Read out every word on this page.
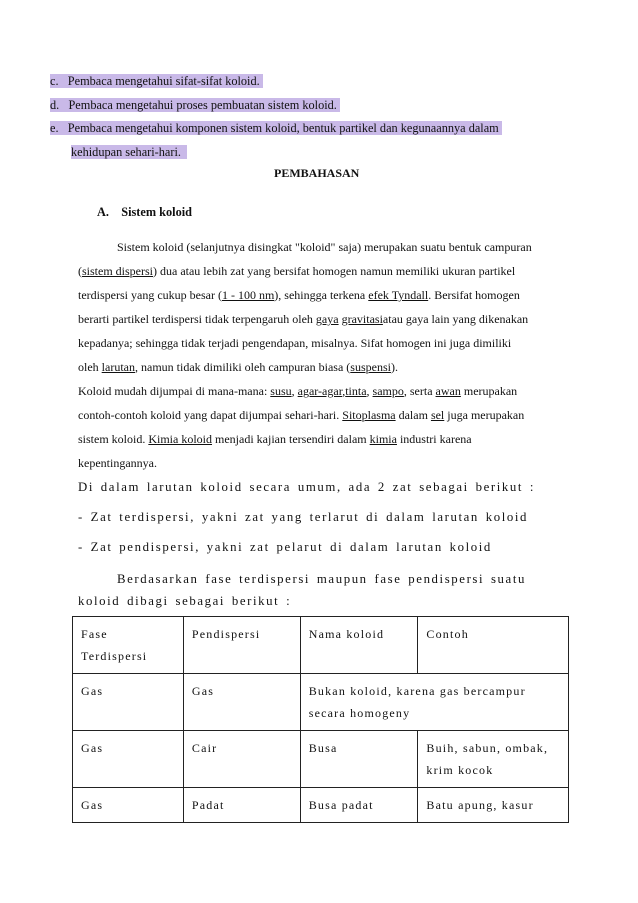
c. Pembaca mengetahui sifat-sifat koloid.
d. Pembaca mengetahui proses pembuatan sistem koloid.
e. Pembaca mengetahui komponen sistem koloid, bentuk partikel dan kegunaannya dalam
kehidupan sehari-hari.
PEMBAHASAN
A. Sistem koloid
Sistem koloid (selanjutnya disingkat "koloid" saja) merupakan suatu bentuk campuran
(sistem dispersi) dua atau lebih zat yang bersifat homogen namun memiliki ukuran partikel
terdispersi yang cukup besar (1 - 100 nm), sehingga terkena efek Tyndall. Bersifat homogen
berarti partikel terdispersi tidak terpengaruh oleh gaya gravitasiatau gaya lain yang dikenakan
kepadanya; sehingga tidak terjadi pengendapan, misalnya. Sifat homogen ini juga dimiliki
oleh larutan, namun tidak dimiliki oleh campuran biasa (suspensi).
Koloid mudah dijumpai di mana-mana: susu, agar-agar,tinta, sampo, serta awan merupakan
contoh-contoh koloid yang dapat dijumpai sehari-hari. Sitoplasma dalam sel juga merupakan
sistem koloid. Kimia koloid menjadi kajian tersendiri dalam kimia industri karena
kepentingannya.
Di dalam larutan koloid secara umum, ada 2 zat sebagai berikut :
- Zat terdispersi, yakni zat yang terlarut di dalam larutan koloid
- Zat pendispersi, yakni zat pelarut di dalam larutan koloid
Berdasarkan fase terdispersi maupun fase pendispersi suatu
koloid dibagi sebagai berikut :
Fase Terdispersi	Pendispersi	Nama koloid	Contoh
Gas	Gas	Bukan koloid, karena gas bercampur secara homogeny	
Gas	Cair	Busa	Buih, sabun, ombak, krim kocok
Gas	Padat	Busa padat	Batu apung, kasur
